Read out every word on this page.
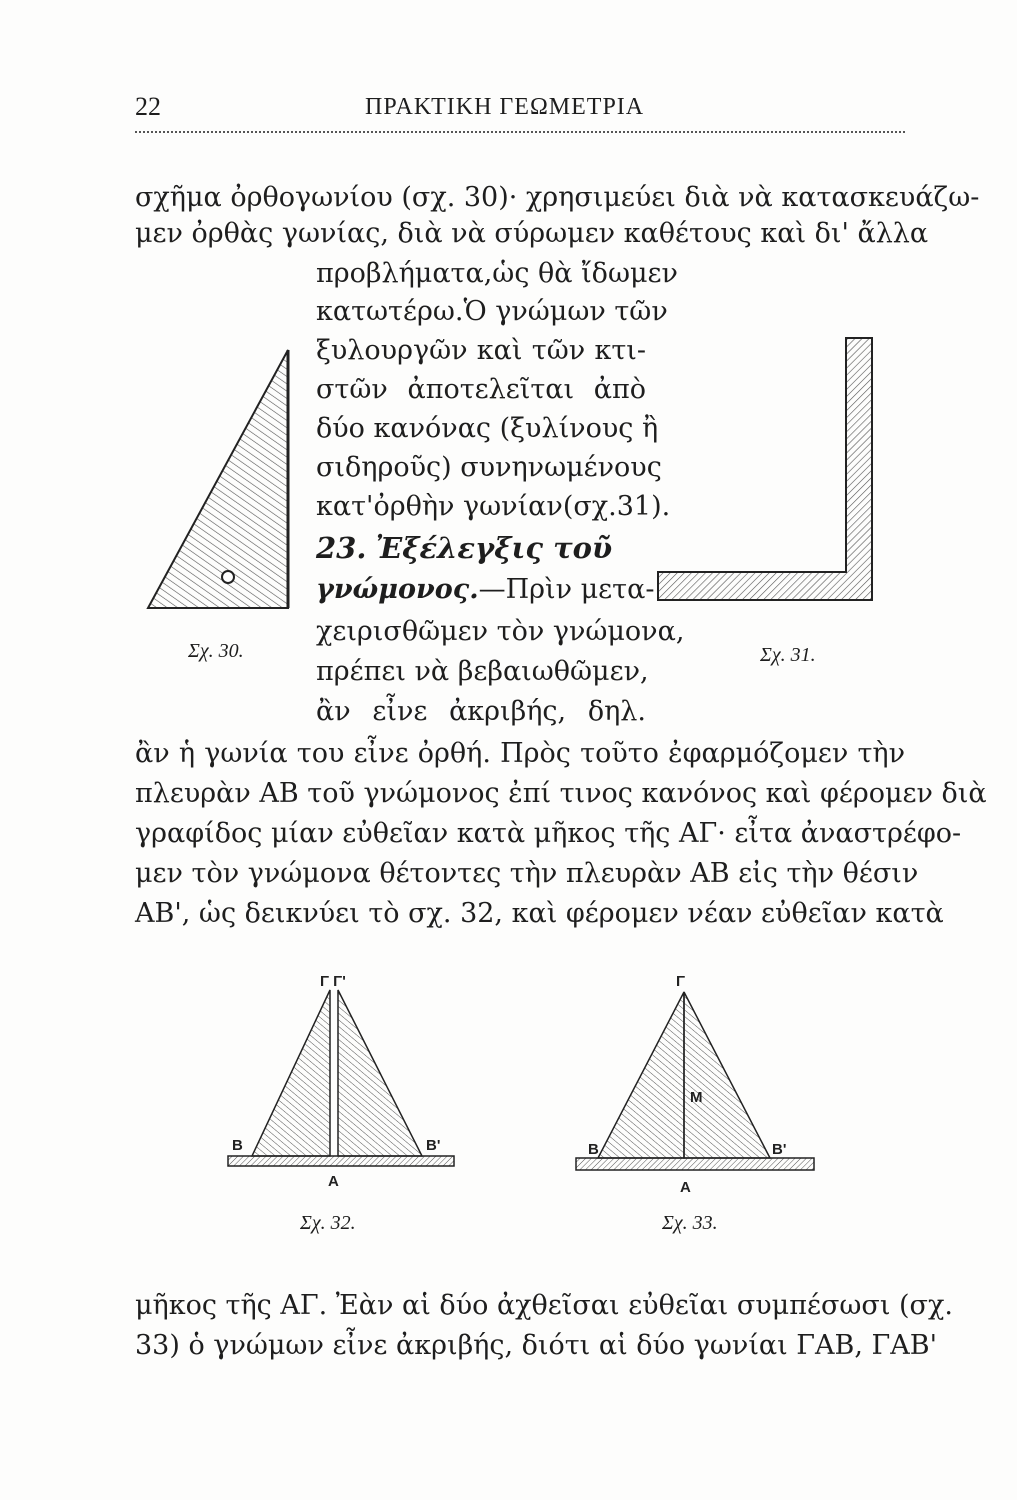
22	ΠΡΑΚΤΙΚΗ ΓΕΩΜΕΤΡΙΑ
σχῆμα ὀρθογωνίου (σχ. 30)· χρησιμεύει διὰ νὰ κατασκευάζω-
μεν ὀρθὰς γωνίας, διὰ νὰ σύρωμεν καθέτους καὶ δι' ἄλλα
προβλήματα,ὡς θὰ ἴδωμεν
κατωτέρω.Ὁ γνώμων τῶν
ξυλουργῶν καὶ τῶν κτι-
στῶν ἀποτελεῖται ἀπὸ
δύο κανόνας (ξυλίνους ἢ
σιδηροῦς) συνηνωμένους
κατ'ὀρθὴν γωνίαν(σχ.31).
23. Ἐξέλεγξις τοῦ
γνώμονος.—Πρὶν μετα-
χειρισθῶμεν τὸν γνώμονα,
πρέπει νὰ βεβαιωθῶμεν,
ἂν εἶνε ἀκριβής, δηλ.
ἂν ἡ γωνία του εἶνε ὀρθή. Πρὸς τοῦτο ἐφαρμόζομεν τὴν
πλευρὰν ΑΒ τοῦ γνώμονος ἐπί τινος κανόνος καὶ φέρομεν διὰ
γραφίδος μίαν εὐθεῖαν κατὰ μῆκος τῆς ΑΓ· εἶτα ἀναστρέφο-
μεν τὸν γνώμονα θέτοντες τὴν πλευρὰν ΑΒ εἰς τὴν θέσιν
ΑΒ', ὡς δεικνύει τὸ σχ. 32, καὶ φέρομεν νέαν εὐθεῖαν κατὰ
μῆκος τῆς ΑΓ. Ἐὰν αἱ δύο ἀχθεῖσαι εὐθεῖαι συμπέσωσι (σχ.
33) ὁ γνώμων εἶνε ἀκριβής, διότι αἱ δύο γωνίαι ΓΑΒ, ΓΑΒ'
Σχ. 30.	Σχ. 31.
Γ Γ'
Β	Β'
Α
Σχ. 32.
Γ
Μ
Β	Β'
Α
Σχ. 33.
